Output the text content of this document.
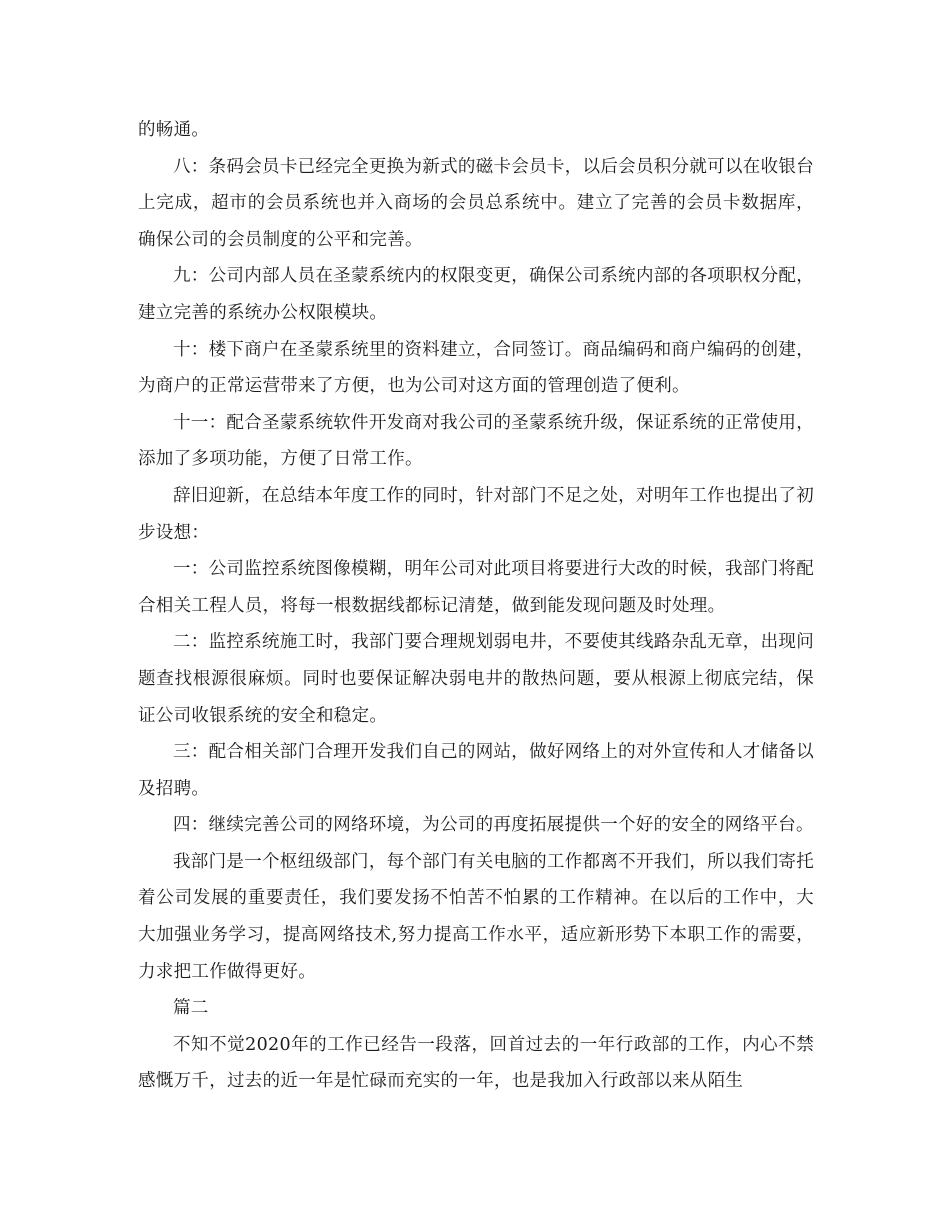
的畅通。

八：条码会员卡已经完全更换为新式的磁卡会员卡，以后会员积分就可以在收银台上完成，超市的会员系统也并入商场的会员总系统中。建立了完善的会员卡数据库，确保公司的会员制度的公平和完善。

九：公司内部人员在圣蒙系统内的权限变更，确保公司系统内部的各项职权分配，建立完善的系统办公权限模块。

十：楼下商户在圣蒙系统里的资料建立，合同签订。商品编码和商户编码的创建，为商户的正常运营带来了方便，也为公司对这方面的管理创造了便利。

十一：配合圣蒙系统软件开发商对我公司的圣蒙系统升级，保证系统的正常使用，添加了多项功能，方便了日常工作。

辞旧迎新，在总结本年度工作的同时，针对部门不足之处，对明年工作也提出了初步设想：

一：公司监控系统图像模糊，明年公司对此项目将要进行大改的时候，我部门将配合相关工程人员，将每一根数据线都标记清楚，做到能发现问题及时处理。

二：监控系统施工时，我部门要合理规划弱电井，不要使其线路杂乱无章，出现问题查找根源很麻烦。同时也要保证解决弱电井的散热问题，要从根源上彻底完结，保证公司收银系统的安全和稳定。

三：配合相关部门合理开发我们自己的网站，做好网络上的对外宣传和人才储备以及招聘。

四：继续完善公司的网络环境，为公司的再度拓展提供一个好的安全的网络平台。

我部门是一个枢纽级部门，每个部门有关电脑的工作都离不开我们，所以我们寄托着公司发展的重要责任，我们要发扬不怕苦不怕累的工作精神。在以后的工作中，大大加强业务学习，提高网络技术,努力提高工作水平，适应新形势下本职工作的需要，力求把工作做得更好。

篇二

不知不觉2020年的工作已经告一段落，回首过去的一年行政部的工作，内心不禁感慨万千，过去的近一年是忙碌而充实的一年，也是我加入行政部以来从陌生
